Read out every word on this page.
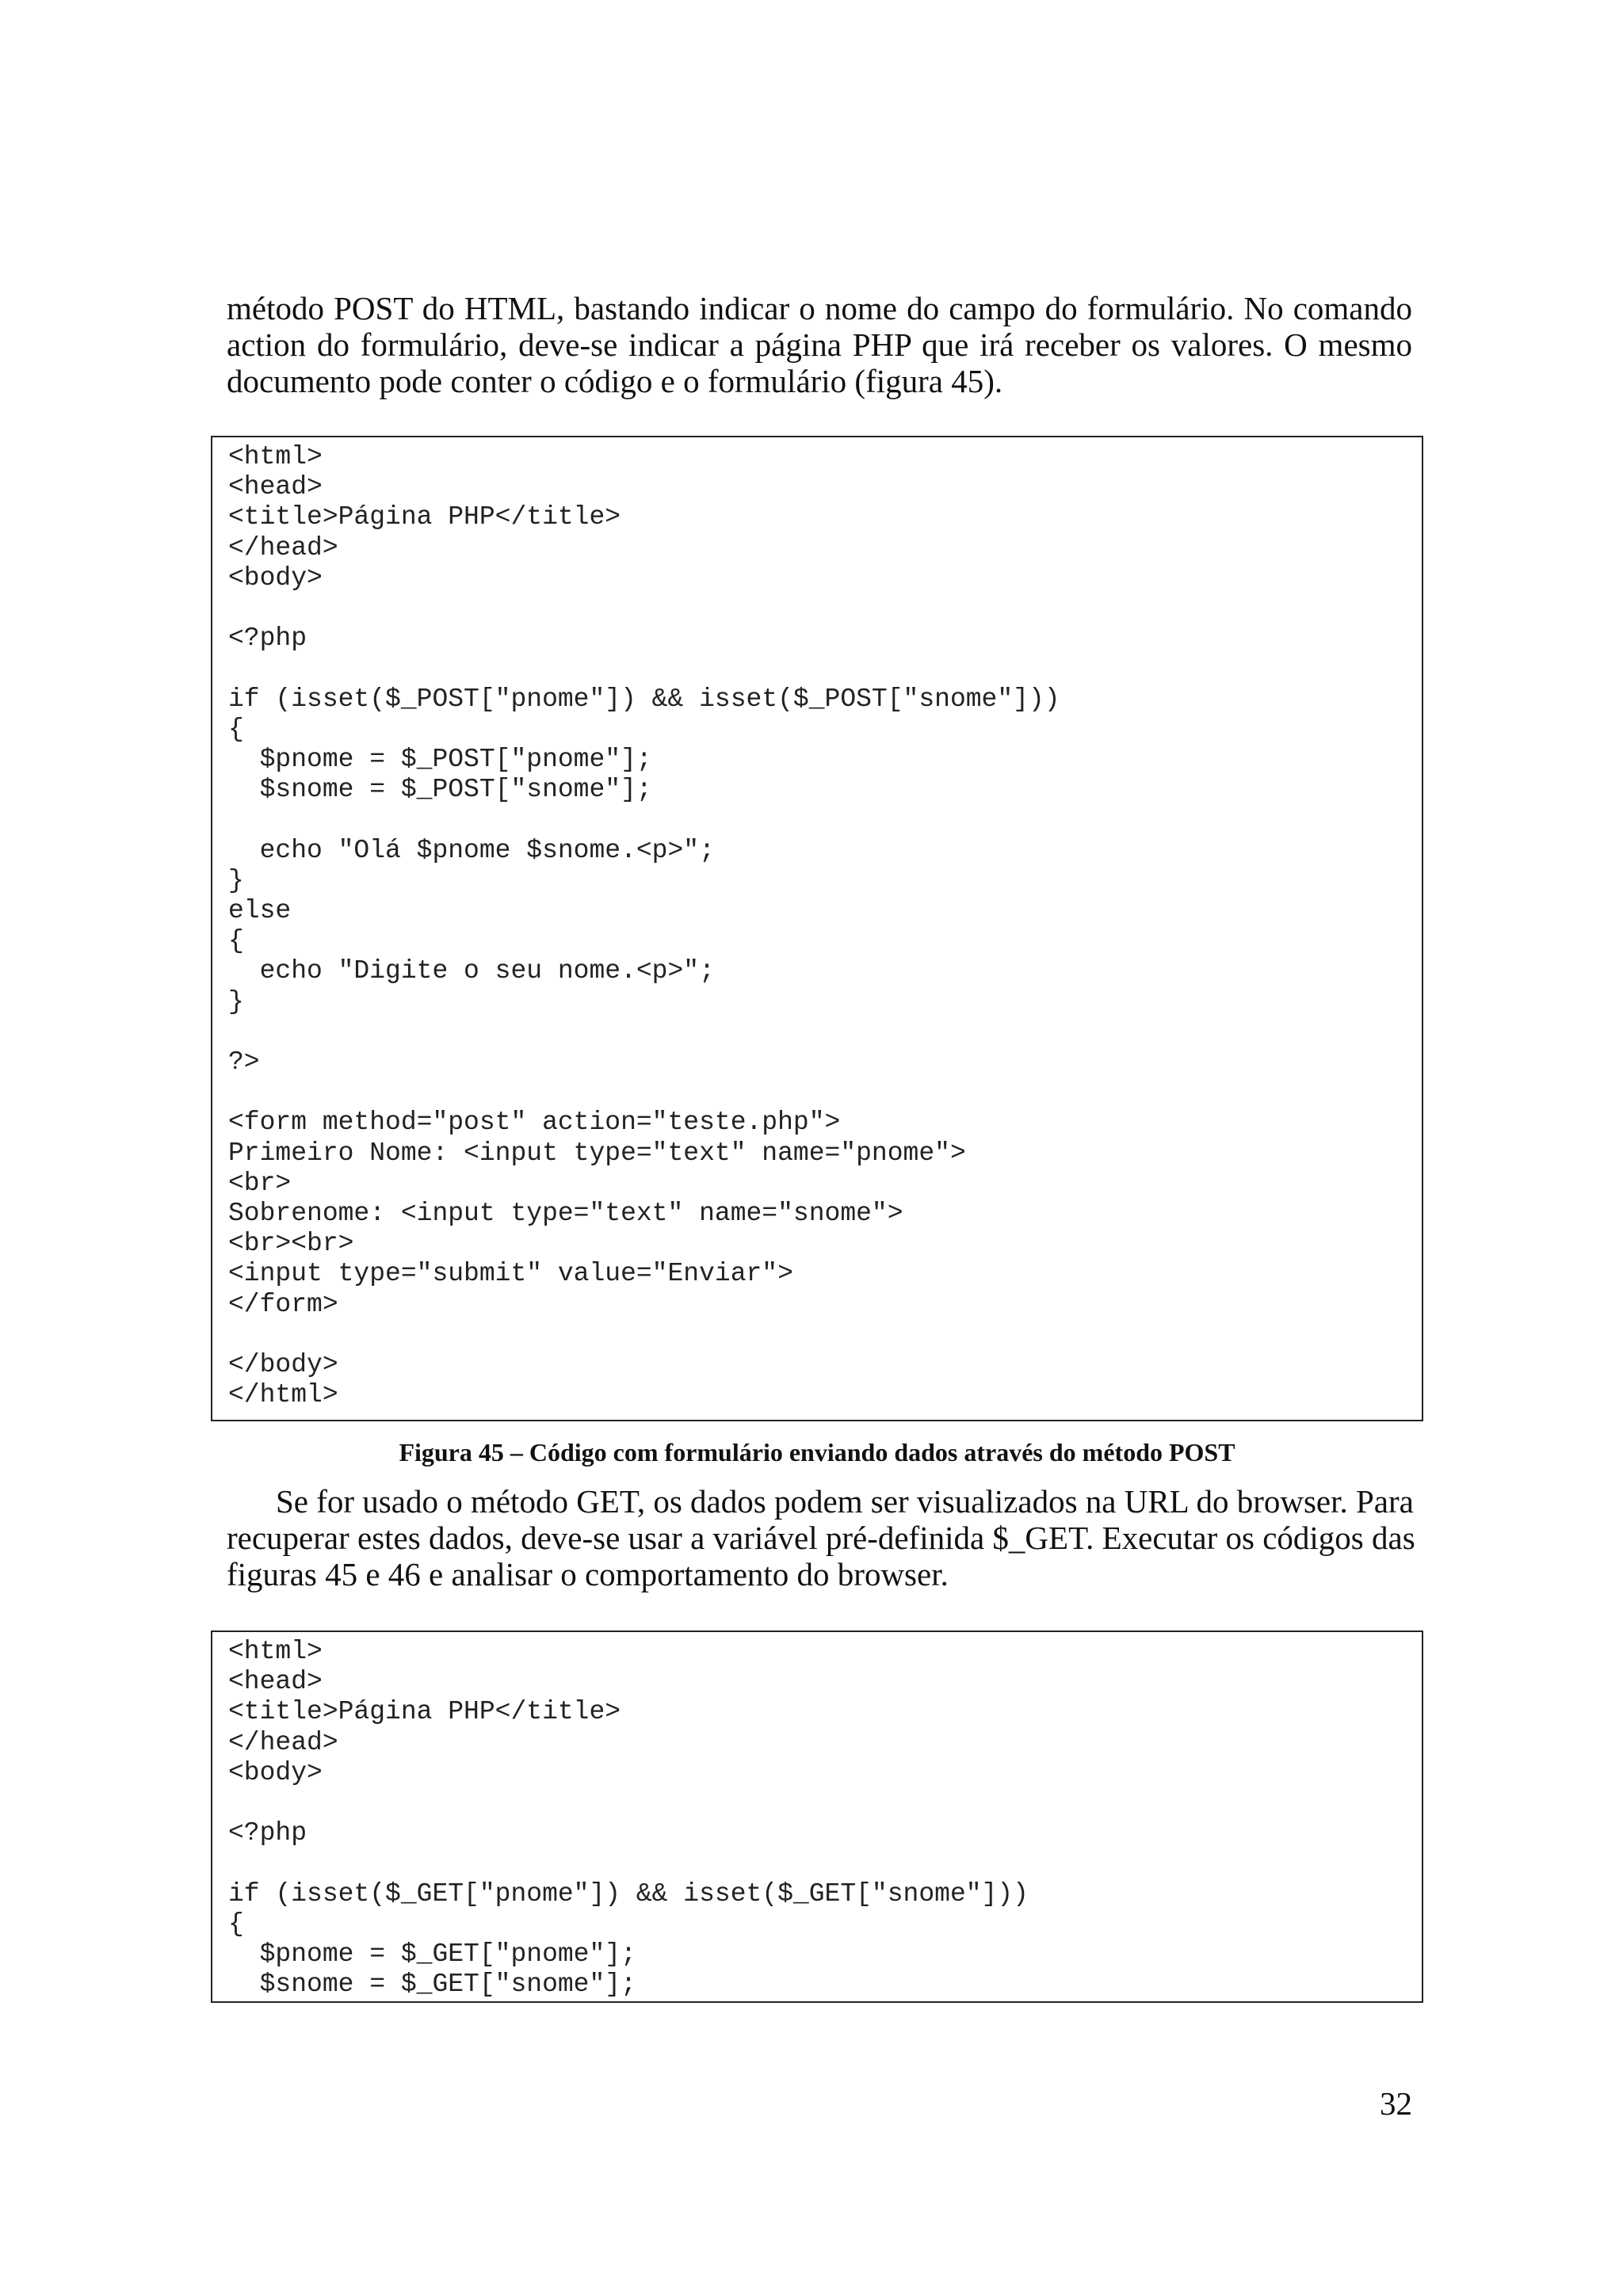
método POST do HTML, bastando indicar o nome do campo do formulário. No comando
action do formulário, deve-se indicar a página PHP que irá receber os valores. O mesmo
documento pode conter o código e o formulário (figura 45).
<html>
<head>
<title>Página PHP</title>
</head>
<body>

<?php

if (isset($_POST["pnome"]) && isset($_POST["snome"]))
{
$pnome = $_POST["pnome"];
$snome = $_POST["snome"];

echo "Olá $pnome $snome.<p>";
}
else
{
echo "Digite o seu nome.<p>";
}

?>

<form method="post" action="teste.php">
Primeiro Nome: <input type="text" name="pnome">
<br>
Sobrenome: <input type="text" name="snome">
<br><br>
<input type="submit" value="Enviar">
</form>

</body>
</html>
Figura 45 – Código com formulário enviando dados através do método POST
Se for usado o método GET, os dados podem ser visualizados na URL do browser. Para
recuperar estes dados, deve-se usar a variável pré-definida $_GET. Executar os códigos das
figuras 45 e 46 e analisar o comportamento do browser.
<html>
<head>
<title>Página PHP</title>
</head>
<body>

<?php

if (isset($_GET["pnome"]) && isset($_GET["snome"]))
{
$pnome = $_GET["pnome"];
$snome = $_GET["snome"];
32
